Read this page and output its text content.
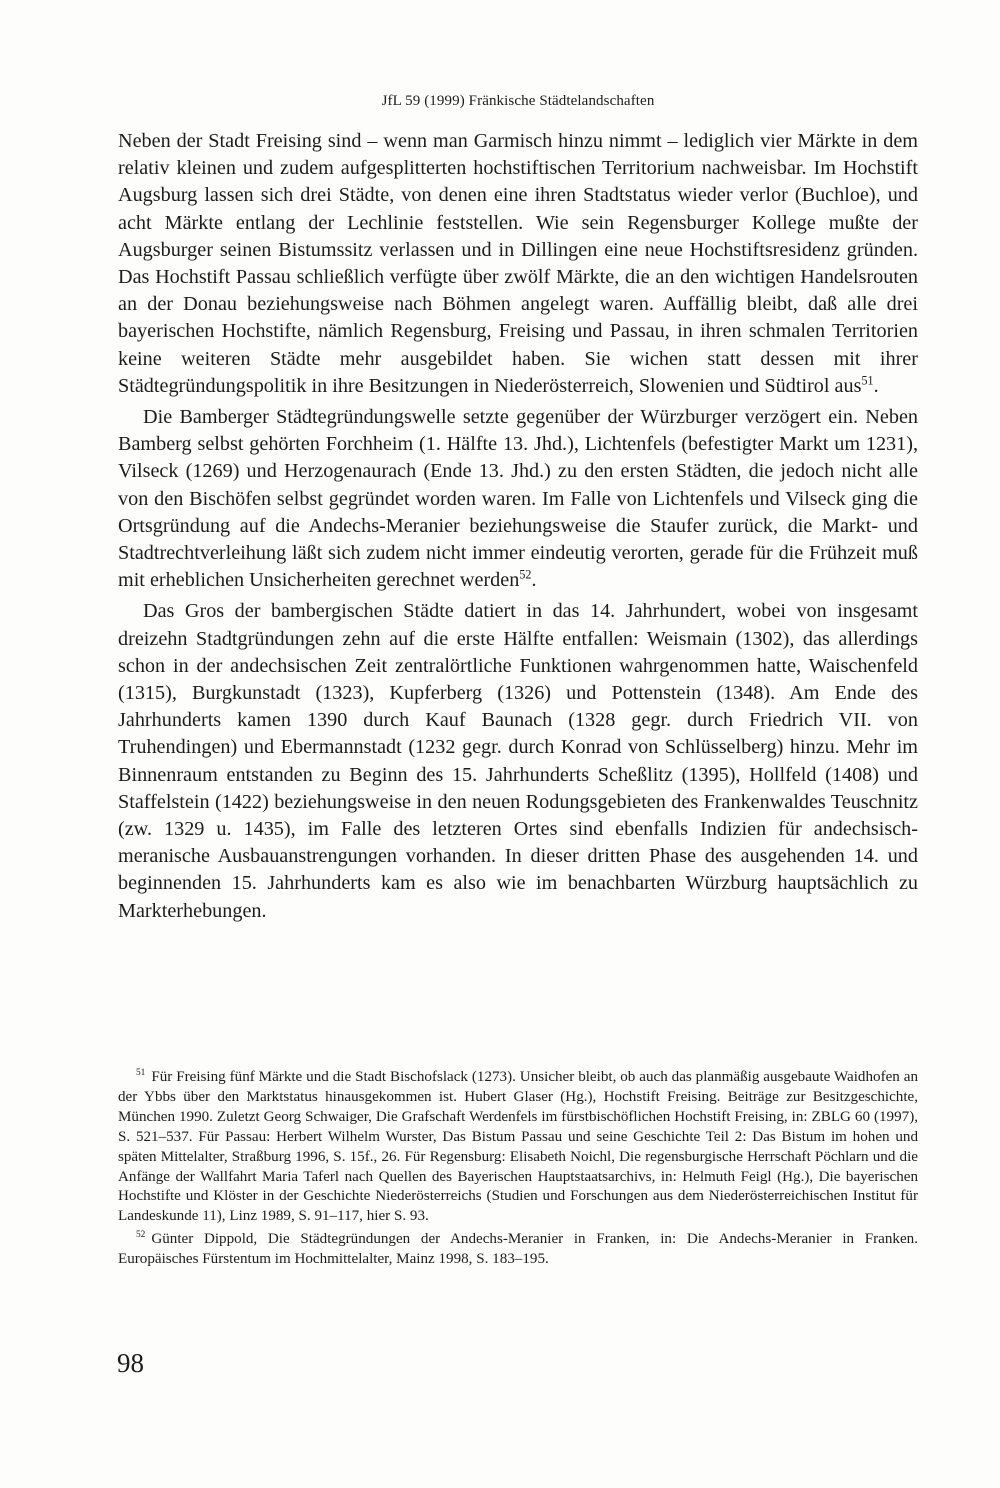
JfL 59 (1999) Fränkische Städtelandschaften

Neben der Stadt Freising sind – wenn man Garmisch hinzu nimmt – lediglich vier Märkte in dem relativ kleinen und zudem aufgesplitterten hochstiftischen Territorium nachweisbar. Im Hochstift Augsburg lassen sich drei Städte, von denen eine ihren Stadtstatus wieder verlor (Buchloe), und acht Märkte entlang der Lechlinie feststellen. Wie sein Regensburger Kollege mußte der Augsburger seinen Bistumssitz verlassen und in Dillingen eine neue Hochstiftsresidenz gründen. Das Hochstift Passau schließlich verfügte über zwölf Märkte, die an den wichtigen Handelsrouten an der Donau beziehungsweise nach Böhmen angelegt waren. Auffällig bleibt, daß alle drei bayerischen Hochstifte, nämlich Regensburg, Freising und Passau, in ihren schmalen Territorien keine weiteren Städte mehr ausgebildet haben. Sie wichen statt dessen mit ihrer Städtegründungspolitik in ihre Besitzungen in Niederösterreich, Slowenien und Südtirol aus$^{51}$.

Die Bamberger Städtegründungswelle setzte gegenüber der Würzburger verzögert ein. Neben Bamberg selbst gehörten Forchheim (1. Hälfte 13. Jhd.), Lichtenfels (befestigter Markt um 1231), Vilseck (1269) und Herzogenaurach (Ende 13. Jhd.) zu den ersten Städten, die jedoch nicht alle von den Bischöfen selbst gegründet worden waren. Im Falle von Lichtenfels und Vilseck ging die Ortsgründung auf die Andechs-Meranier beziehungsweise die Staufer zurück, die Markt- und Stadtrechtverleihung läßt sich zudem nicht immer eindeutig verorten, gerade für die Frühzeit muß mit erheblichen Unsicherheiten gerechnet werden$^{52}$.

Das Gros der bambergischen Städte datiert in das 14. Jahrhundert, wobei von insgesamt dreizehn Stadtgründungen zehn auf die erste Hälfte entfallen: Weismain (1302), das allerdings schon in der andechsischen Zeit zentralörtliche Funktionen wahrgenommen hatte, Waischenfeld (1315), Burgkunstadt (1323), Kupferberg (1326) und Pottenstein (1348). Am Ende des Jahrhunderts kamen 1390 durch Kauf Baunach (1328 gegr. durch Friedrich VII. von Truhendingen) und Ebermannstadt (1232 gegr. durch Konrad von Schlüsselberg) hinzu. Mehr im Binnenraum entstanden zu Beginn des 15. Jahrhunderts Scheßlitz (1395), Hollfeld (1408) und Staffelstein (1422) beziehungsweise in den neuen Rodungsgebieten des Frankenwaldes Teuschnitz (zw. 1329 u. 1435), im Falle des letzteren Ortes sind ebenfalls Indizien für andechsisch-meranische Ausbauanstrengungen vorhanden. In dieser dritten Phase des ausgehenden 14. und beginnenden 15. Jahrhunderts kam es also wie im benachbarten Würzburg hauptsächlich zu Markterhebungen.

$^{51}$ Für Freising fünf Märkte und die Stadt Bischofslack (1273). Unsicher bleibt, ob auch das planmäßig ausgebaute Waidhofen an der Ybbs über den Marktstatus hinausgekommen ist. Hubert Glaser (Hg.), Hochstift Freising. Beiträge zur Besitzgeschichte, München 1990. Zuletzt Georg Schwaiger, Die Grafschaft Werdenfels im fürstbischöflichen Hochstift Freising, in: ZBLG 60 (1997), S. 521–537. Für Passau: Herbert Wilhelm Wurster, Das Bistum Passau und seine Geschichte Teil 2: Das Bistum im hohen und späten Mittelalter, Straßburg 1996, S. 15f., 26. Für Regensburg: Elisabeth Noichl, Die regensburgische Herrschaft Pöchlarn und die Anfänge der Wallfahrt Maria Taferl nach Quellen des Bayerischen Hauptstaatsarchivs, in: Helmuth Feigl (Hg.), Die bayerischen Hochstifte und Klöster in der Geschichte Niederösterreichs (Studien und Forschungen aus dem Niederösterreichischen Institut für Landeskunde 11), Linz 1989, S. 91–117, hier S. 93.

$^{52}$ Günter Dippold, Die Städtegründungen der Andechs-Meranier in Franken, in: Die Andechs-Meranier in Franken. Europäisches Fürstentum im Hochmittelalter, Mainz 1998, S. 183–195.

98
